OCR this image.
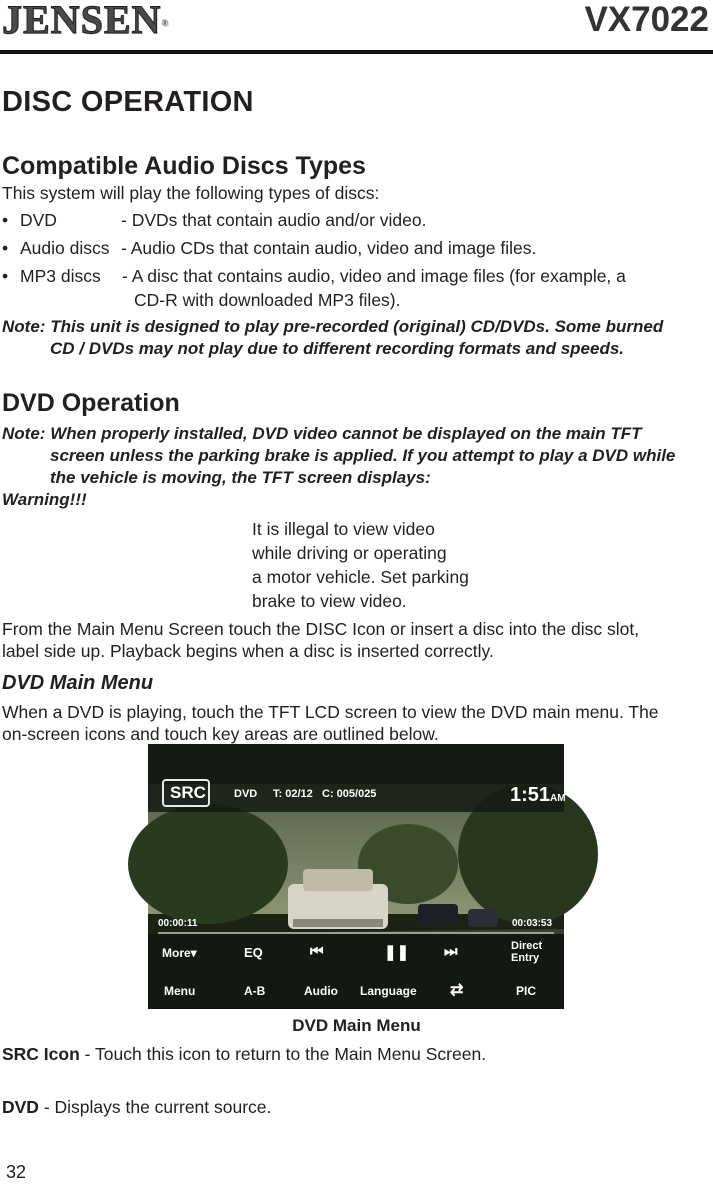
JENSEN®	VX7022
DISC OPERATION
Compatible Audio Discs Types
This system will play the following types of discs:
• DVD	- DVDs that contain audio and/or video.
• Audio discs - Audio CDs that contain audio, video and image files.
• MP3 discs - A disc that contains audio, video and image files (for example, a
CD-R with downloaded MP3 files).
Note: This unit is designed to play pre-recorded (original) CD/DVDs. Some burned
CD / DVDs may not play due to different recording formats and speeds.
DVD Operation
Note: When properly installed, DVD video cannot be displayed on the main TFT
screen unless the parking brake is applied. If you attempt to play a DVD while
the vehicle is moving, the TFT screen displays:
Warning!!!
It is illegal to view video
while driving or operating
a motor vehicle. Set parking
brake to view video.
From the Main Menu Screen touch the DISC Icon or insert a disc into the disc slot,
label side up. Playback begins when a disc is inserted correctly.
DVD Main Menu
When a DVD is playing, touch the TFT LCD screen to view the DVD main menu. The
on-screen icons and touch key areas are outlined below.
SRC	DVD T: 02/12 C: 005/025	1:51AM
00:00:11	00:03:53
More▾	EQ	⏮	❚❚ ⏭	Direct
Entry
Menu	A-B	Audio Language ⇄	PIC
DVD Main Menu
SRC Icon - Touch this icon to return to the Main Menu Screen.
DVD - Displays the current source.
32
